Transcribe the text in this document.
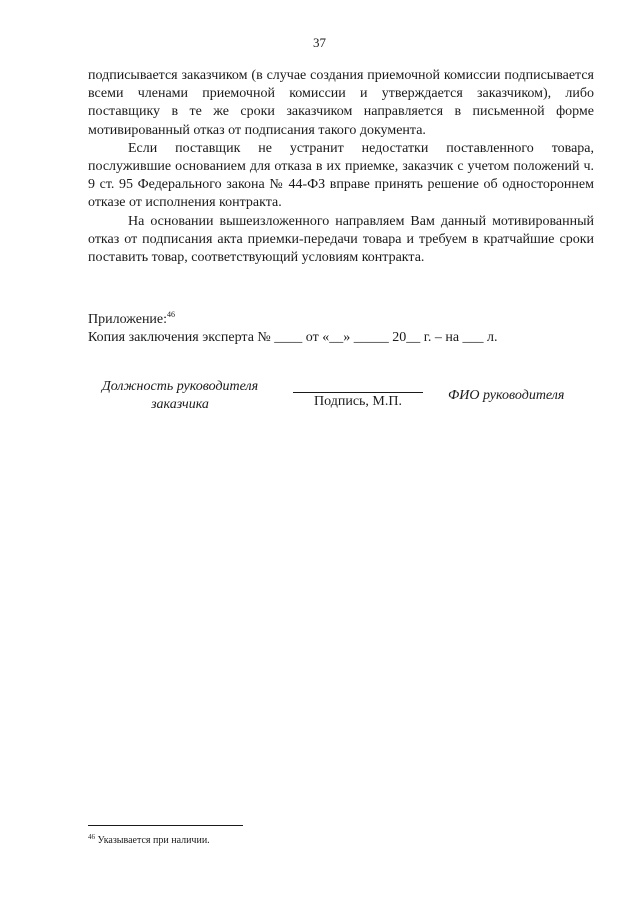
37

подписывается заказчиком (в случае создания приемочной комиссии подписывается всеми членами приемочной комиссии и утверждается заказчиком), либо поставщику в те же сроки заказчиком направляется в письменной форме мотивированный отказ от подписания такого документа.

Если поставщик не устранит недостатки поставленного товара, послужившие основанием для отказа в их приемке, заказчик с учетом положений ч. 9 ст. 95 Федерального закона № 44-ФЗ вправе принять решение об одностороннем отказе от исполнения контракта.

На основании вышеизложенного направляем Вам данный мотивированный отказ от подписания акта приемки-передачи товара и требуем в кратчайшие сроки поставить товар, соответствующий условиям контракта.

Приложение:$^{46}$
Копия заключения эксперта № ____ от «__» _____ 20__ г. – на ___ л.
Должность руководителя
заказчика	Подпись, М.П.	ФИО руководителя
$^{46}$ Указывается при наличии.
